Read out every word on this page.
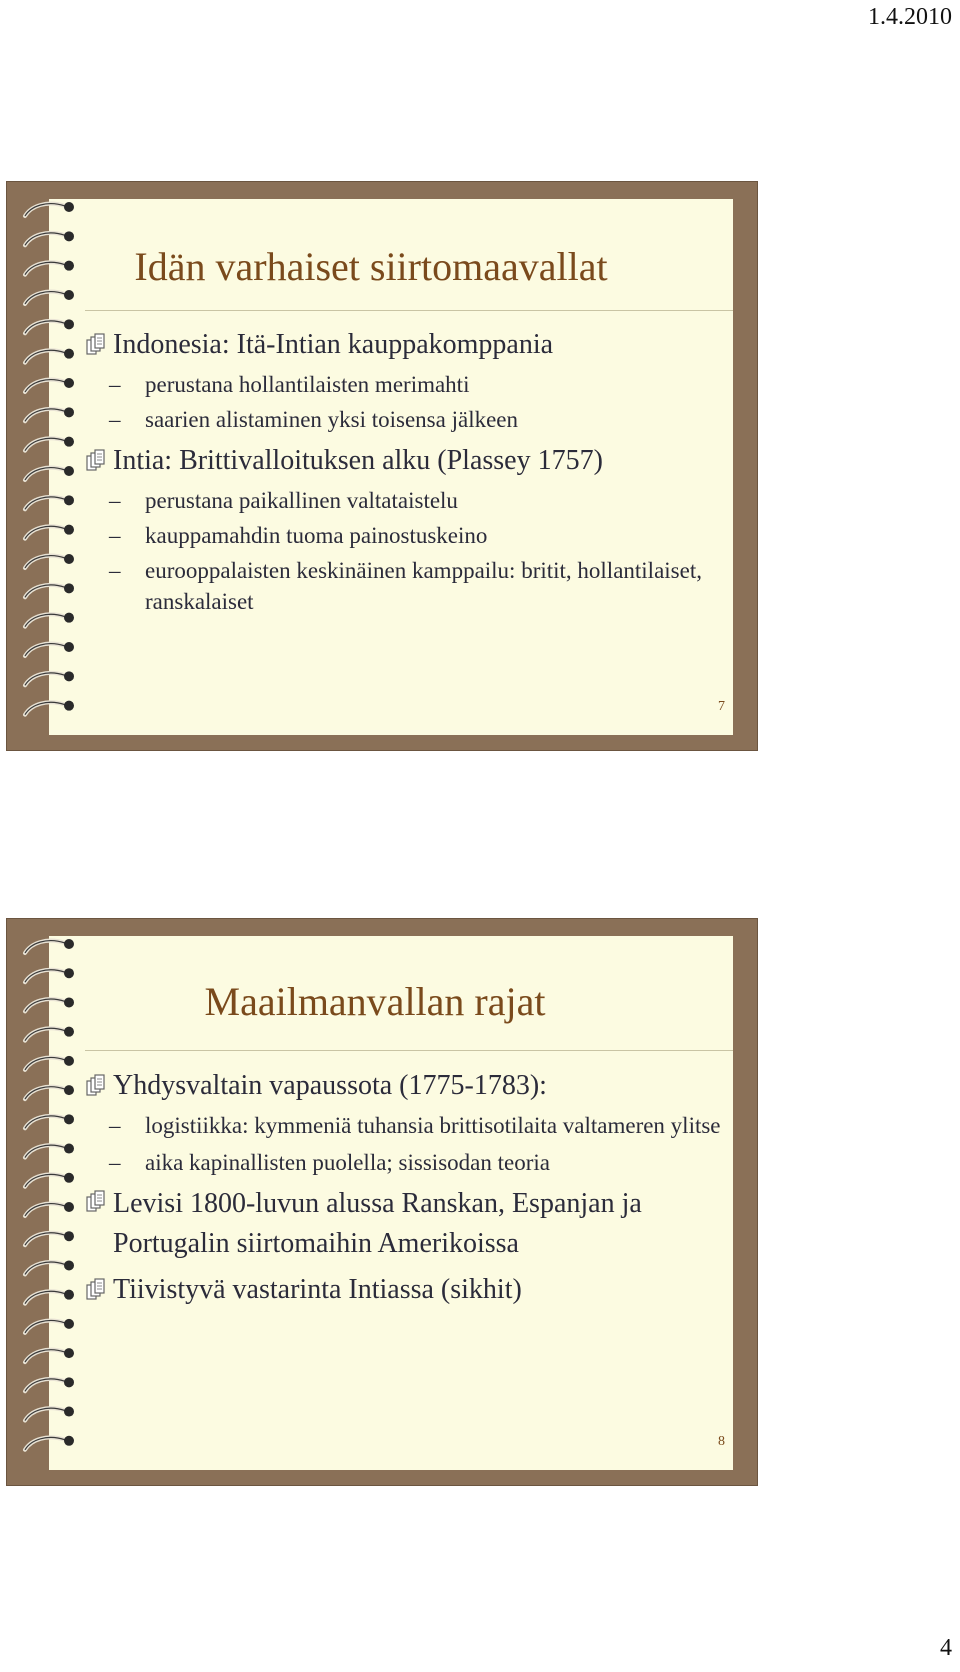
1.4.2010
Idän varhaiset siirtomaavallat

Indonesia: Itä-Intian kauppakomppania

– perustana hollantilaisten merimahti

– saarien alistaminen yksi toisensa jälkeen

Intia: Brittivalloituksen alku (Plassey 1757)

– perustana paikallinen valtataistelu

– kauppamahdin tuoma painostuskeino

– eurooppalaisten keskinäinen kamppailu: britit, hollantilaiset, ranskalaiset

7
Maailmanvallan rajat

Yhdysvaltain vapaussota (1775-1783):

– logistiikka: kymmeniä tuhansia brittisotilaita valtameren ylitse

– aika kapinallisten puolella; sissisodan teoria

Levisi 1800-luvun alussa Ranskan, Espanjan ja Portugalin siirtomaihin Amerikoissa

Tiivistyvä vastarinta Intiassa (sikhit)

8
4
